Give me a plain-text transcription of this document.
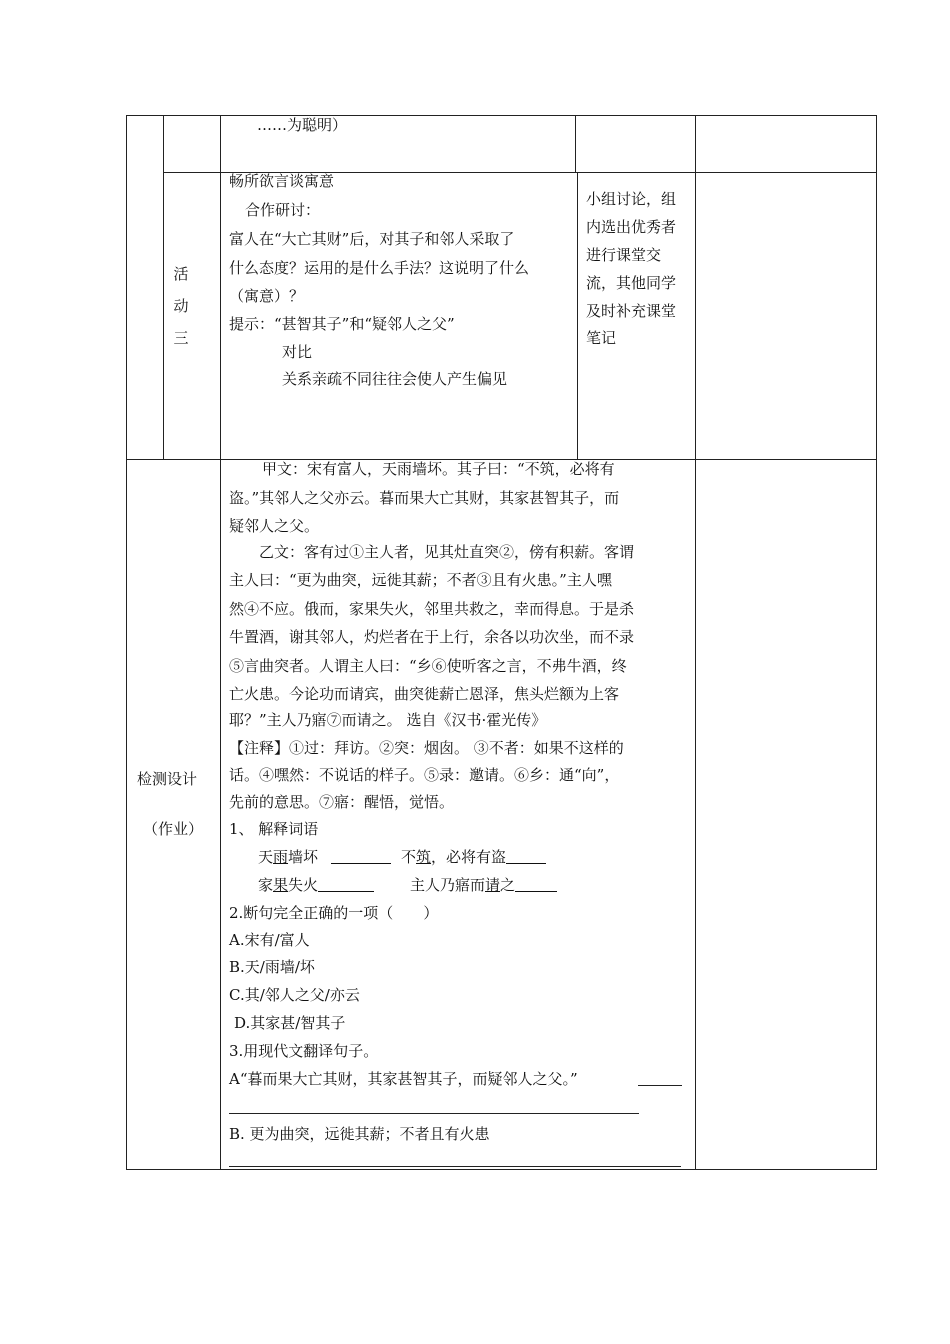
……为聪明）
活
动
三
畅所欲言谈寓意
合作研讨：
富人在“大亡其财”后，对其子和邻人采取了
什么态度？运用的是什么手法？这说明了什么
（寓意）？
提示：“甚智其子”和“疑邻人之父”
对比
关系亲疏不同往往会使人产生偏见
小组讨论，组
内选出优秀者
进行课堂交
流，其他同学
及时补充课堂
笔记
检测设计
（作业）
甲文：宋有富人，天雨墙坏。其子曰：“不筑，必将有
盗。”其邻人之父亦云。暮而果大亡其财，其家甚智其子，而
疑邻人之父。
乙文：客有过①主人者，见其灶直突②，傍有积薪。客谓
主人曰：“更为曲突，远徙其薪；不者③且有火患。”主人嘿
然④不应。俄而，家果失火，邻里共救之，幸而得息。于是杀
牛置酒，谢其邻人，灼烂者在于上行，余各以功次坐，而不录
⑤言曲突者。人谓主人曰：“乡⑥使听客之言，不弗牛酒，终
亡火患。今论功而请宾，曲突徙薪亡恩泽，焦头烂额为上客
耶？”主人乃寤⑦而请之。 选自《汉书·霍光传》
【注释】①过：拜访。②突：烟囱。 ③不者：如果不这样的
话。④嘿然：不说话的样子。⑤录：邀请。⑥乡：通“向”，
先前的意思。⑦寤：醒悟，觉悟。
1、 解释词语
天雨墙坏	不筑，必将有盗
家果失火	主人乃寤而请之
2.断句完全正确的一项（　　）
A.宋有/富人
B.天/雨墙/坏
C.其/邻人之父/亦云
D.其家甚/智其子
3.用现代文翻译句子。
A“暮而果大亡其财，其家甚智其子，而疑邻人之父。”
B. 更为曲突，远徙其薪；不者且有火患
